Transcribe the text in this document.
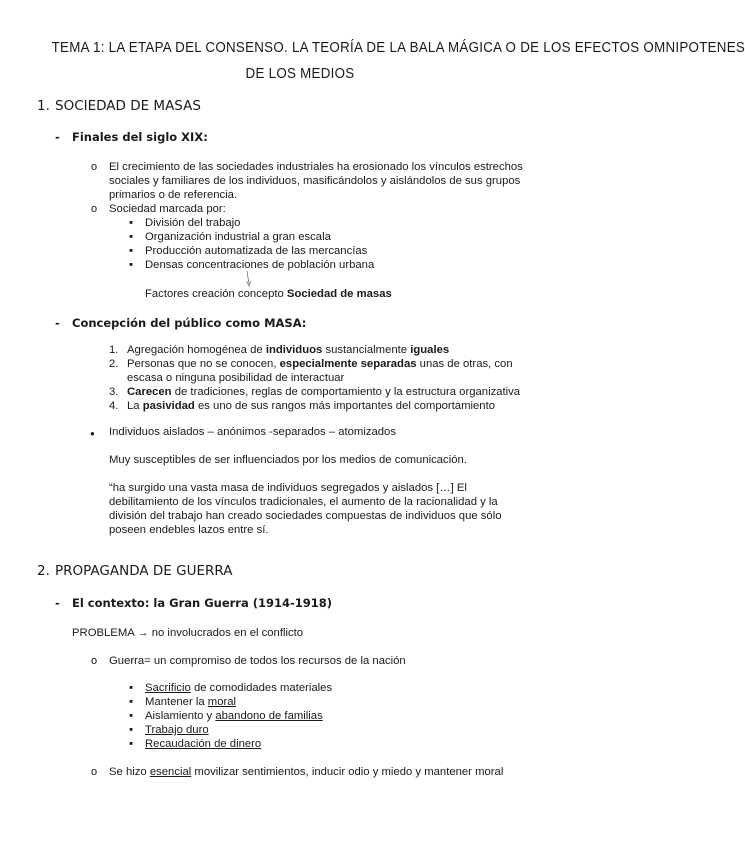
TEMA 1: LA ETAPA DEL CONSENSO. LA TEORÍA DE LA BALA MÁGICA O DE LOS EFECTOS OMNIPOTENES
DE LOS MEDIOS
1. SOCIEDAD DE MASAS
- Finales del siglo XIX:
o El crecimiento de las sociedades industriales ha erosionado los vínculos estrechos
sociales y familiares de los individuos, masificándolos y aislándolos de sus grupos
primarios o de referencia.
o Sociedad marcada por:
▪ División del trabajo
▪ Organización industrial a gran escala
▪ Producción automatizada de las mercancías
▪ Densas concentraciones de población urbana
Factores creación concepto Sociedad de masas
- Concepción del público como MASA:
1. Agregación homogénea de individuos sustancialmente iguales
2. Personas que no se conocen, especialmente separadas unas de otras, con
escasa o ninguna posibilidad de interactuar
3. Carecen de tradiciones, reglas de comportamiento y la estructura organizativa
4. La pasividad es uno de sus rangos más importantes del comportamiento
● Individuos aislados – anónimos -separados – atomizados
Muy susceptibles de ser influenciados por los medios de comunicación.
“ha surgido una vasta masa de individuos segregados y aislados […] El
debilitamiento de los vínculos tradicionales, el aumento de la racionalidad y la
división del trabajo han creado sociedades compuestas de individuos que sólo
poseen endebles lazos entre sí.
2. PROPAGANDA DE GUERRA
- El contexto: la Gran Guerra (1914-1918)
PROBLEMA → no involucrados en el conflicto
o Guerra= un compromiso de todos los recursos de la nación
▪ Sacrificio de comodidades materiales
▪ Mantener la moral
▪ Aislamiento y abandono de familias
▪ Trabajo duro
▪ Recaudación de dinero
o Se hizo esencial movilizar sentimientos, inducir odio y miedo y mantener moral
